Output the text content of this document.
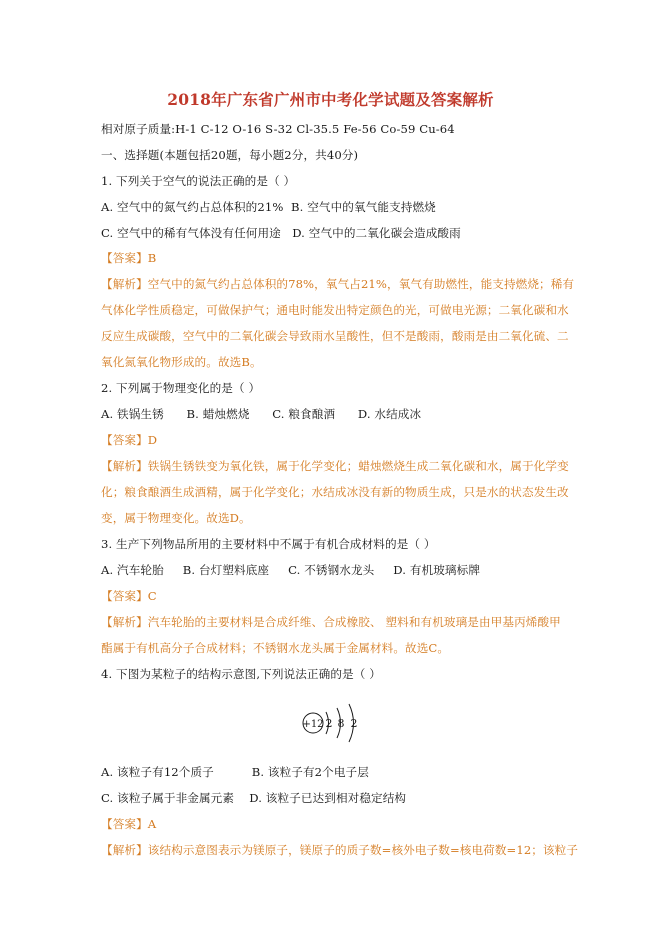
2018年广东省广州市中考化学试题及答案解析
相对原子质量:H-1 C-12 O-16 S-32 Cl-35.5 Fe-56 Co-59 Cu-64
一、选择题(本题包括20题，每小题2分，共40分)
1. 下列关于空气的说法正确的是（ ）
A. 空气中的氮气约占总体积的21% B. 空气中的氧气能支持燃烧
C. 空气中的稀有气体没有任何用途 D. 空气中的二氧化碳会造成酸雨
【答案】B
【解析】空气中的氮气约占总体积的78%，氧气占21%，氧气有助燃性，能支持燃烧；稀有
气体化学性质稳定，可做保护气；通电时能发出特定颜色的光，可做电光源；二氧化碳和水
反应生成碳酸，空气中的二氧化碳会导致雨水呈酸性，但不是酸雨，酸雨是由二氧化硫、二
氧化氮氧化物形成的。故选B。
2. 下列属于物理变化的是（ ）
A. 铁锅生锈 B. 蜡烛燃烧 C. 粮食酿酒 D. 水结成冰
【答案】D
【解析】铁锅生锈铁变为氧化铁，属于化学变化；蜡烛燃烧生成二氧化碳和水，属于化学变
化；粮食酿酒生成酒精，属于化学变化；水结成冰没有新的物质生成，只是水的状态发生改
变，属于物理变化。故选D。
3. 生产下列物品所用的主要材料中不属于有机合成材料的是（ ）
A. 汽车轮胎 B. 台灯塑料底座 C. 不锈钢水龙头 D. 有机玻璃标牌
【答案】C
【解析】汽车轮胎的主要材料是合成纤维、合成橡胶、 塑料和有机玻璃是由甲基丙烯酸甲
酯属于有机高分子合成材料；不锈钢水龙头属于金属材料。故选C。
4. 下图为某粒子的结构示意图,下列说法正确的是（ ）
+12 2 8 2
A. 该粒子有12个质子	B. 该粒子有2个电子层
C. 该粒子属于非金属元素 D. 该粒子已达到相对稳定结构
【答案】A
【解析】该结构示意图表示为镁原子，镁原子的质子数=核外电子数=核电荷数=12；该粒子
